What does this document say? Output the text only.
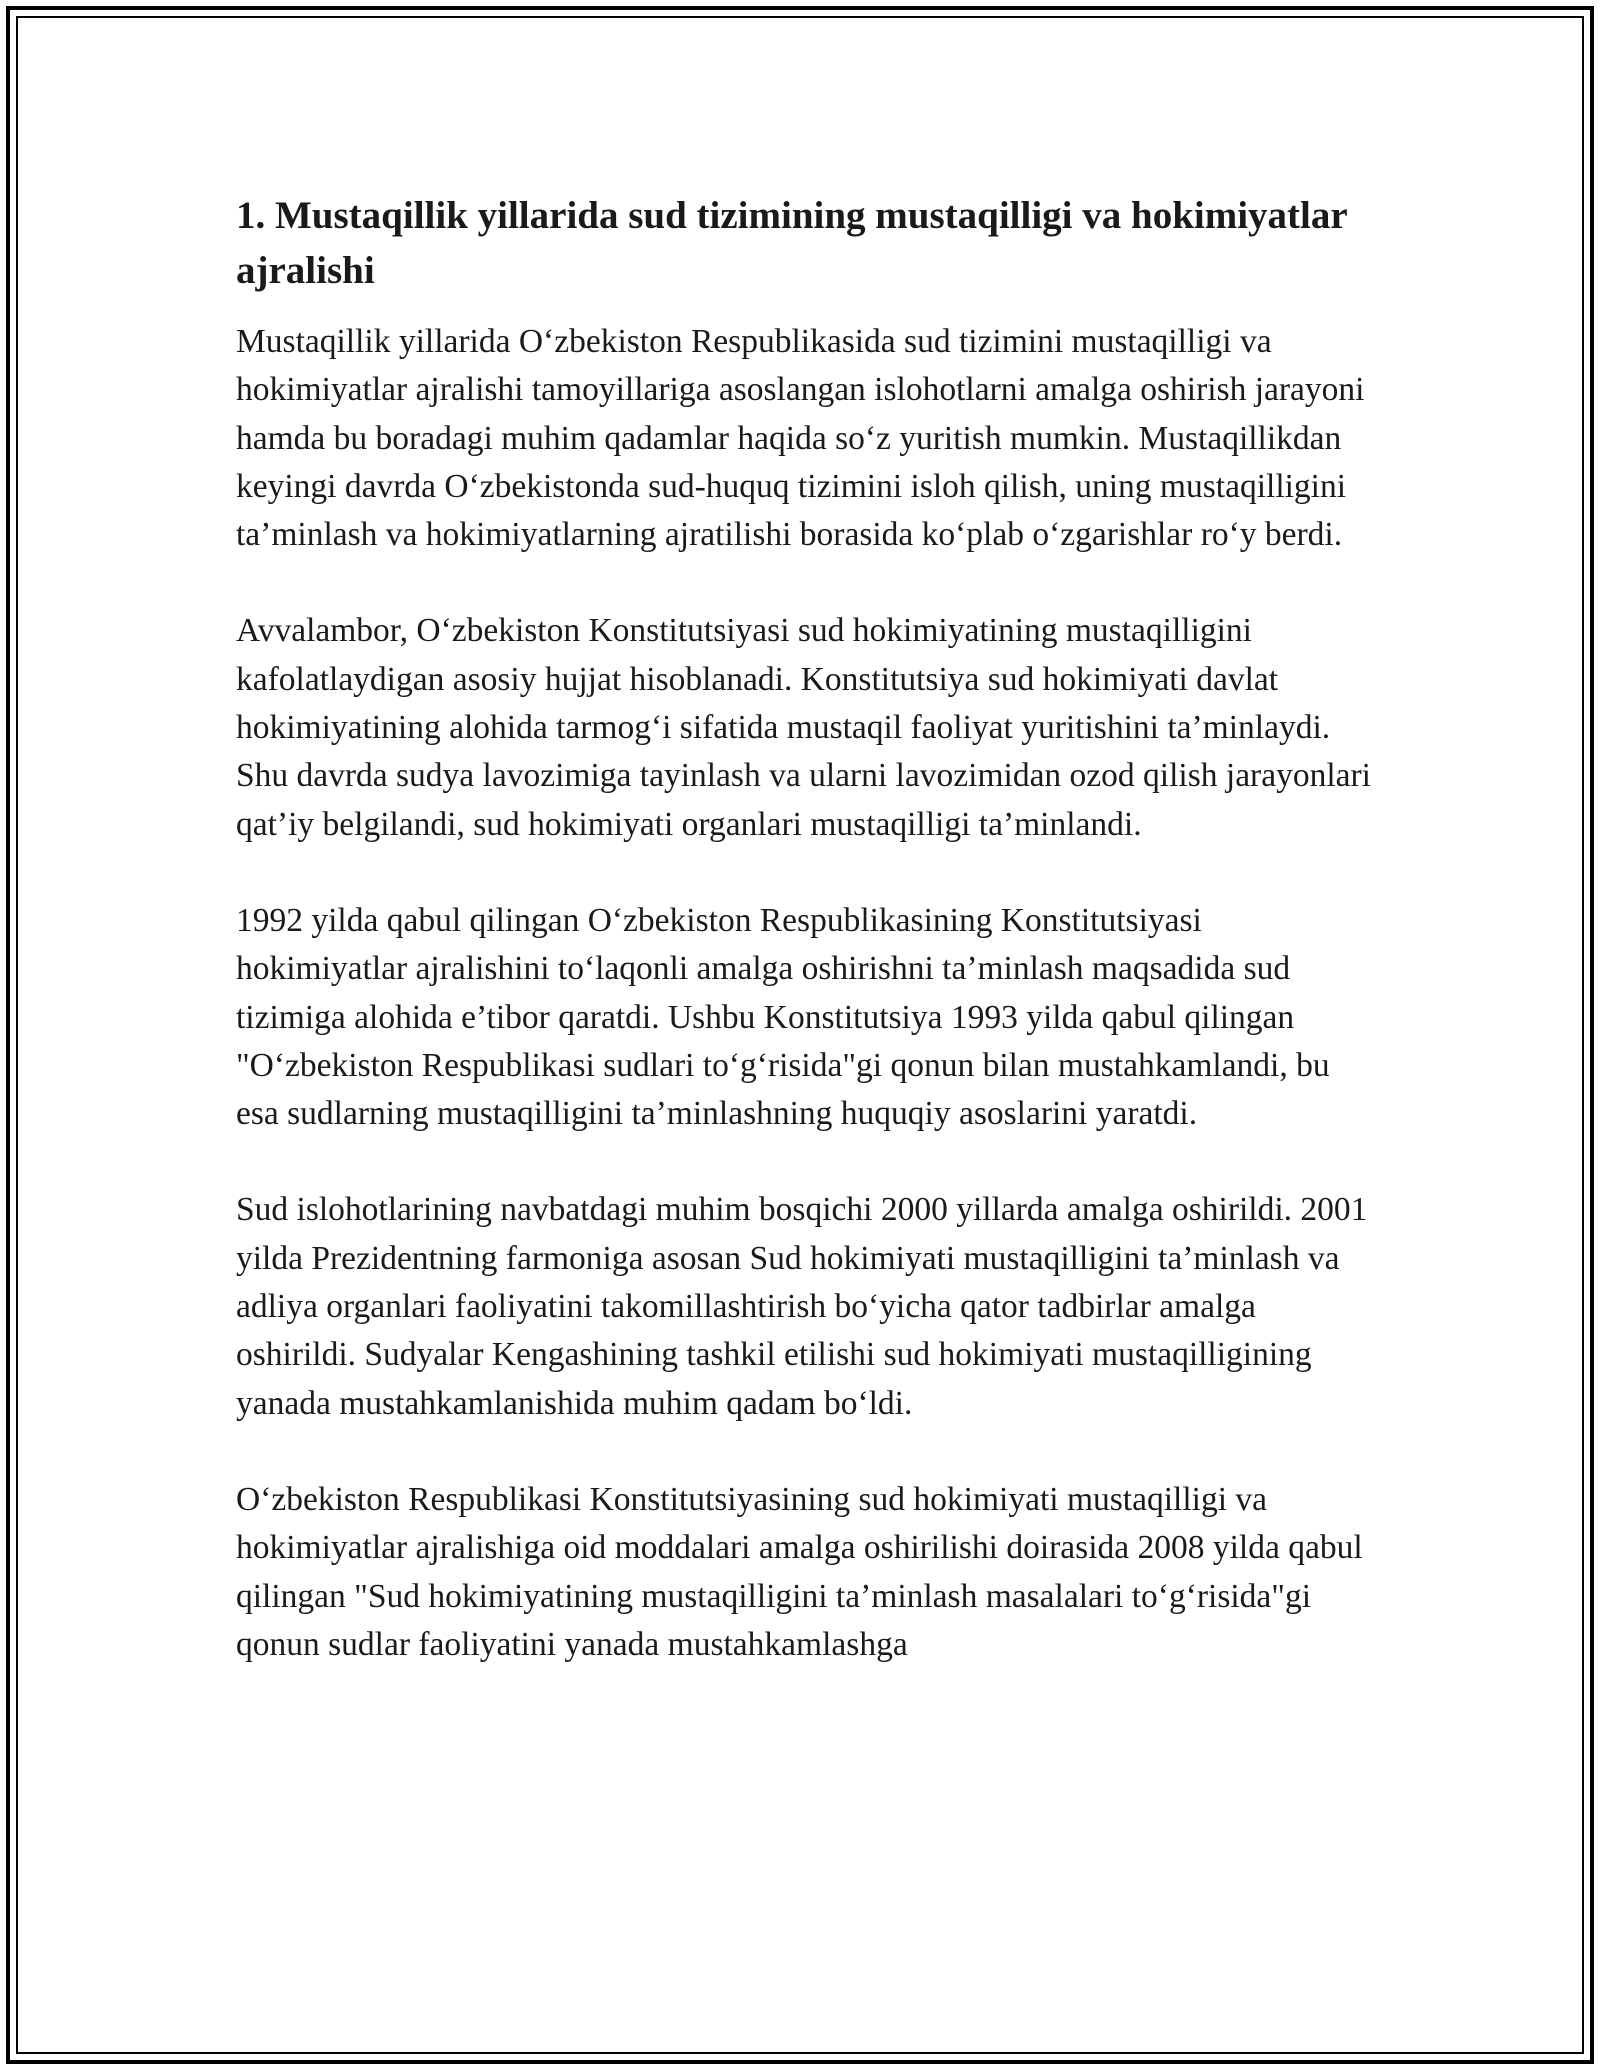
1. Mustaqillik yillarida sud tizimining mustaqilligi va hokimiyatlar ajralishi

Mustaqillik yillarida O‘zbekiston Respublikasida sud tizimini mustaqilligi va hokimiyatlar ajralishi tamoyillariga asoslangan islohotlarni amalga oshirish jarayoni hamda bu boradagi muhim qadamlar haqida so‘z yuritish mumkin. Mustaqillikdan keyingi davrda O‘zbekistonda sud-huquq tizimini isloh qilish, uning mustaqilligini ta’minlash va hokimiyatlarning ajratilishi borasida ko‘plab o‘zgarishlar ro‘y berdi.

Avvalambor, O‘zbekiston Konstitutsiyasi sud hokimiyatining mustaqilligini kafolatlaydigan asosiy hujjat hisoblanadi. Konstitutsiya sud hokimiyati davlat hokimiyatining alohida tarmog‘i sifatida mustaqil faoliyat yuritishini ta’minlaydi. Shu davrda sudya lavozimiga tayinlash va ularni lavozimidan ozod qilish jarayonlari qat’iy belgilandi, sud hokimiyati organlari mustaqilligi ta’minlandi.

1992 yilda qabul qilingan O‘zbekiston Respublikasining Konstitutsiyasi hokimiyatlar ajralishini to‘laqonli amalga oshirishni ta’minlash maqsadida sud tizimiga alohida e’tibor qaratdi. Ushbu Konstitutsiya 1993 yilda qabul qilingan "O‘zbekiston Respublikasi sudlari to‘g‘risida"gi qonun bilan mustahkamlandi, bu esa sudlarning mustaqilligini ta’minlashning huquqiy asoslarini yaratdi.

Sud islohotlarining navbatdagi muhim bosqichi 2000 yillarda amalga oshirildi. 2001 yilda Prezidentning farmoniga asosan Sud hokimiyati mustaqilligini ta’minlash va adliya organlari faoliyatini takomillashtirish bo‘yicha qator tadbirlar amalga oshirildi. Sudyalar Kengashining tashkil etilishi sud hokimiyati mustaqilligining yanada mustahkamlanishida muhim qadam bo‘ldi.

O‘zbekiston Respublikasi Konstitutsiyasining sud hokimiyati mustaqilligi va hokimiyatlar ajralishiga oid moddalari amalga oshirilishi doirasida 2008 yilda qabul qilingan "Sud hokimiyatining mustaqilligini ta’minlash masalalari to‘g‘risida"gi qonun sudlar faoliyatini yanada mustahkamlashga
